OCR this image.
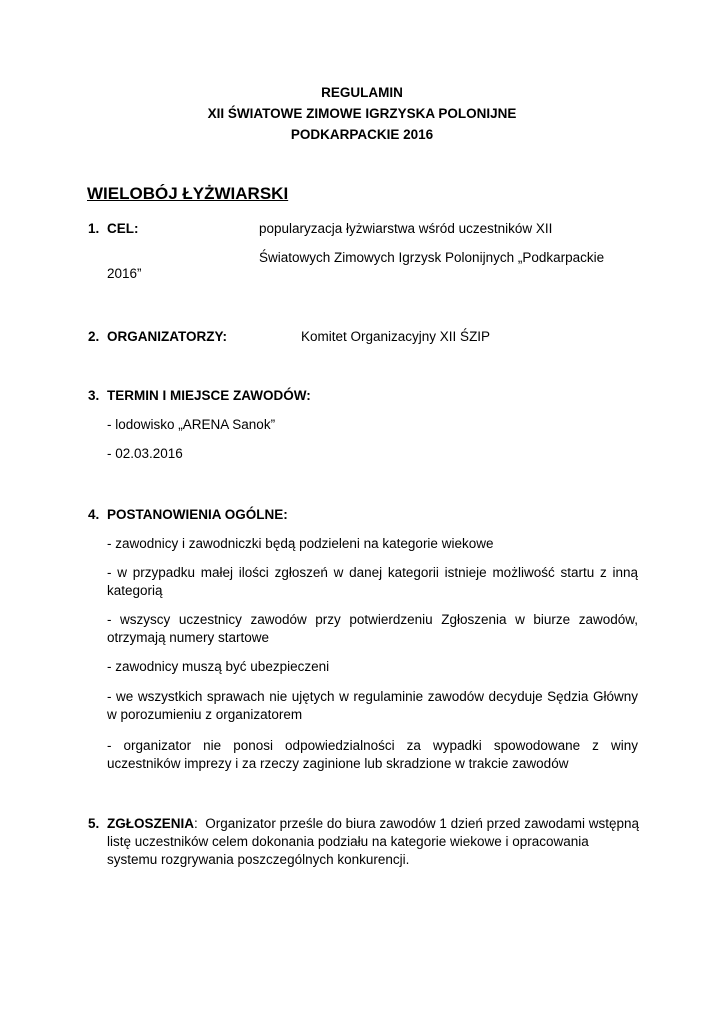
REGULAMIN
XII ŚWIATOWE ZIMOWE IGRZYSKA POLONIJNE
PODKARPACKIE 2016
WIELOBÓJ ŁYŻWIARSKI
1. CEL:	popularyzacja łyżwiarstwa wśród uczestników XII
Światowych Zimowych Igrzysk Polonijnych „Podkarpackie
2016”
2. ORGANIZATORZY:	Komitet Organizacyjny XII ŚZIP
3. TERMIN I MIEJSCE ZAWODÓW:
- lodowisko „ARENA Sanok”
- 02.03.2016
4. POSTANOWIENIA OGÓLNE:
- zawodnicy i zawodniczki będą podzieleni na kategorie wiekowe
- w przypadku małej ilości zgłoszeń w danej kategorii istnieje możliwość startu z inną kategorią
- wszyscy uczestnicy zawodów przy potwierdzeniu Zgłoszenia w biurze zawodów, otrzymają numery startowe
- zawodnicy muszą być ubezpieczeni
- we wszystkich sprawach nie ujętych w regulaminie zawodów decyduje Sędzia Główny w porozumieniu z organizatorem
- organizator nie ponosi odpowiedzialności za wypadki spowodowane z winy uczestników imprezy i za rzeczy zaginione lub skradzione w trakcie zawodów
5. ZGŁOSZENIA: Organizator prześle do biura zawodów 1 dzień przed zawodami wstępną
listę uczestników celem dokonania podziału na kategorie wiekowe i opracowania
systemu rozgrywania poszczególnych konkurencji.
